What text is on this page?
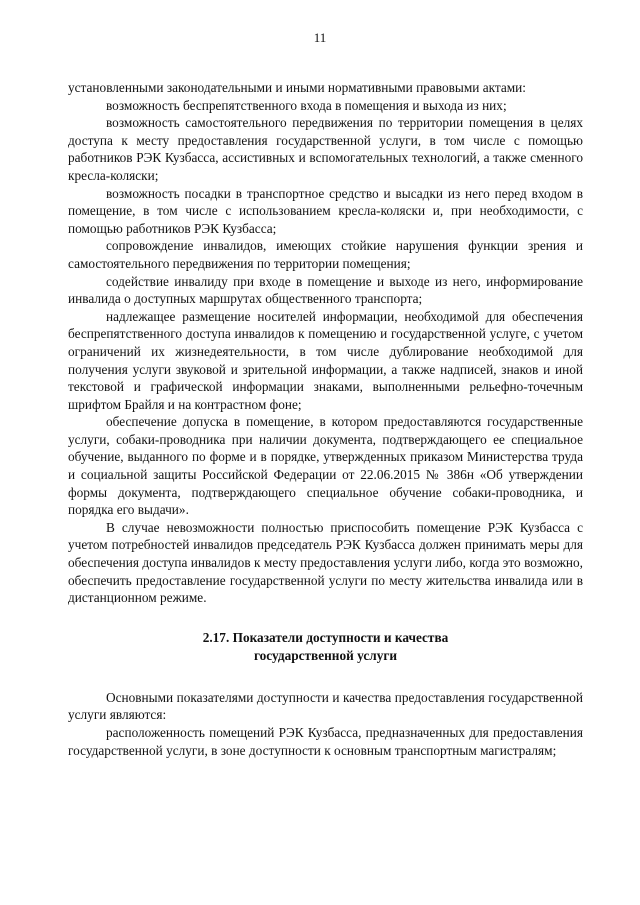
11

установленными законодательными и иными нормативными правовыми актами:

возможность беспрепятственного входа в помещения и выхода из них;

возможность самостоятельного передвижения по территории помещения в целях доступа к месту предоставления государственной услуги, в том числе с помощью работников РЭК Кузбасса, ассистивных и вспомогательных технологий, а также сменного кресла-коляски;

возможность посадки в транспортное средство и высадки из него перед входом в помещение, в том числе с использованием кресла-коляски и, при необходимости, с помощью работников РЭК Кузбасса;

сопровождение инвалидов, имеющих стойкие нарушения функции зрения и самостоятельного передвижения по территории помещения;

содействие инвалиду при входе в помещение и выходе из него, информирование инвалида о доступных маршрутах общественного транспорта;

надлежащее размещение носителей информации, необходимой для обеспечения беспрепятственного доступа инвалидов к помещению и государственной услуге, с учетом ограничений их жизнедеятельности, в том числе дублирование необходимой для получения услуги звуковой и зрительной информации, а также надписей, знаков и иной текстовой и графической информации знаками, выполненными рельефно-точечным шрифтом Брайля и на контрастном фоне;

обеспечение допуска в помещение, в котором предоставляются государственные услуги, собаки-проводника при наличии документа, подтверждающего ее специальное обучение, выданного по форме и в порядке, утвержденных приказом Министерства труда и социальной защиты Российской Федерации от 22.06.2015 № 386н «Об утверждении формы документа, подтверждающего специальное обучение собаки-проводника, и порядка его выдачи».

В случае невозможности полностью приспособить помещение РЭК Кузбасса с учетом потребностей инвалидов председатель РЭК Кузбасса должен принимать меры для обеспечения доступа инвалидов к месту предоставления услуги либо, когда это возможно, обеспечить предоставление государственной услуги по месту жительства инвалида или в дистанционном режиме.

2.17. Показатели доступности и качества
государственной услуги

Основными показателями доступности и качества предоставления государственной услуги являются:

расположенность помещений РЭК Кузбасса, предназначенных для предоставления государственной услуги, в зоне доступности к основным транспортным магистралям;
